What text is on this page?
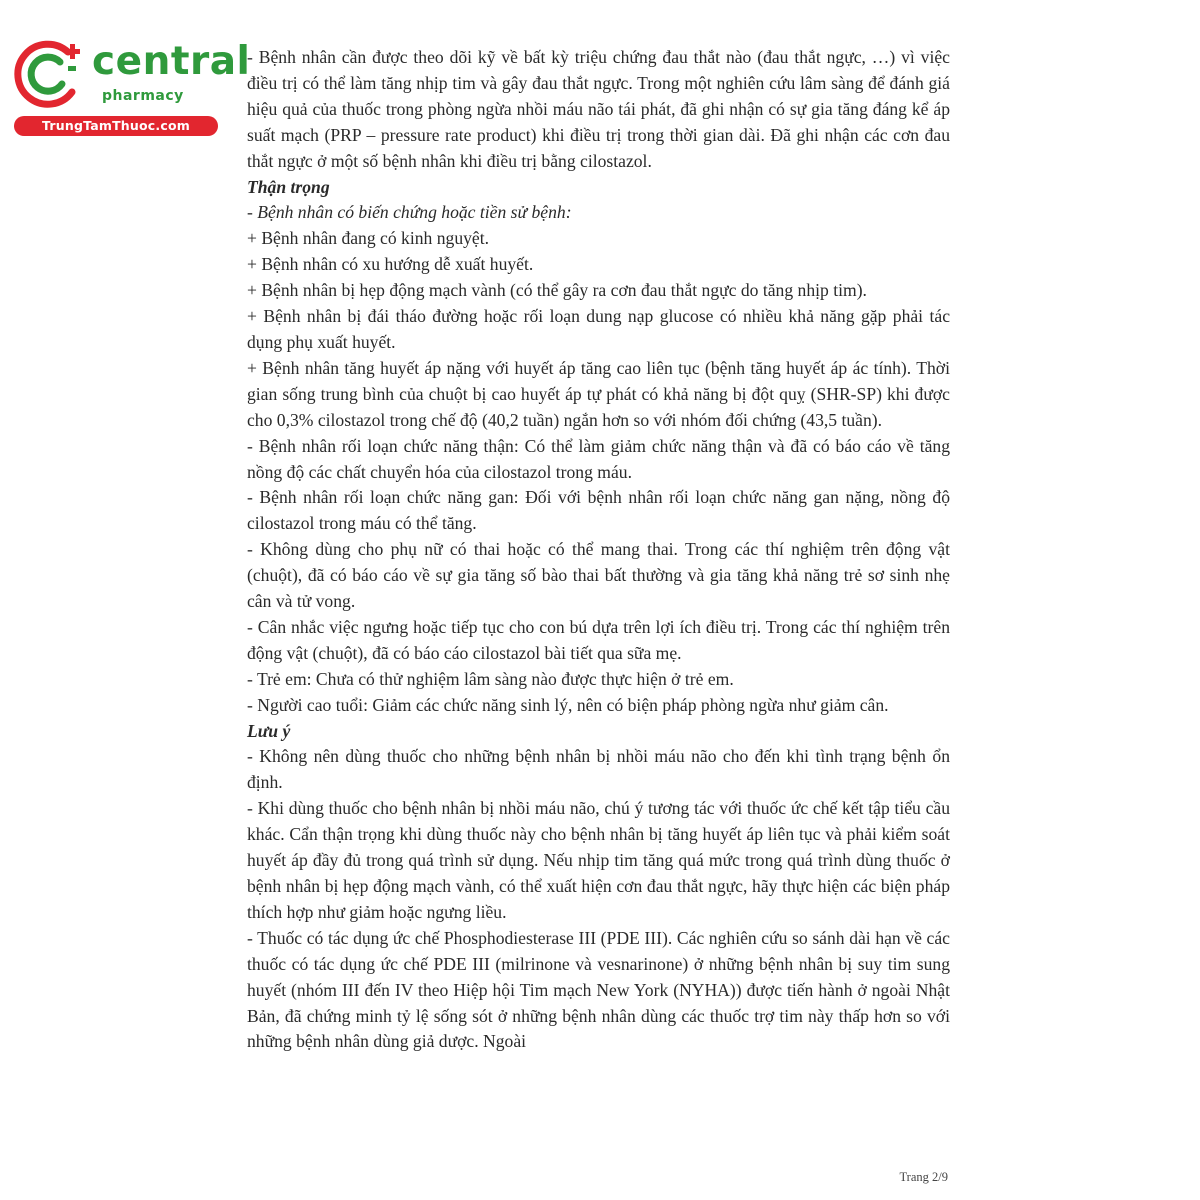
central
pharmacy
TrungTamThuoc.com

- Bệnh nhân cần được theo dõi kỹ về bất kỳ triệu chứng đau thắt nào (đau thắt ngực, …) vì việc điều trị có thể làm tăng nhịp tim và gây đau thắt ngực. Trong một nghiên cứu lâm sàng để đánh giá hiệu quả của thuốc trong phòng ngừa nhồi máu não tái phát, đã ghi nhận có sự gia tăng đáng kể áp suất mạch (PRP – pressure rate product) khi điều trị trong thời gian dài. Đã ghi nhận các cơn đau thắt ngực ở một số bệnh nhân khi điều trị bằng cilostazol.

Thận trọng

- Bệnh nhân có biến chứng hoặc tiền sử bệnh:

+ Bệnh nhân đang có kinh nguyệt.

+ Bệnh nhân có xu hướng dễ xuất huyết.

+ Bệnh nhân bị hẹp động mạch vành (có thể gây ra cơn đau thắt ngực do tăng nhịp tim).

+ Bệnh nhân bị đái tháo đường hoặc rối loạn dung nạp glucose có nhiều khả năng gặp phải tác dụng phụ xuất huyết.

+ Bệnh nhân tăng huyết áp nặng với huyết áp tăng cao liên tục (bệnh tăng huyết áp ác tính). Thời gian sống trung bình của chuột bị cao huyết áp tự phát có khả năng bị đột quỵ (SHR-SP) khi được cho 0,3% cilostazol trong chế độ (40,2 tuần) ngắn hơn so với nhóm đối chứng (43,5 tuần).

- Bệnh nhân rối loạn chức năng thận: Có thể làm giảm chức năng thận và đã có báo cáo về tăng nồng độ các chất chuyển hóa của cilostazol trong máu.

- Bệnh nhân rối loạn chức năng gan: Đối với bệnh nhân rối loạn chức năng gan nặng, nồng độ cilostazol trong máu có thể tăng.

- Không dùng cho phụ nữ có thai hoặc có thể mang thai. Trong các thí nghiệm trên động vật (chuột), đã có báo cáo về sự gia tăng số bào thai bất thường và gia tăng khả năng trẻ sơ sinh nhẹ cân và tử vong.

- Cân nhắc việc ngưng hoặc tiếp tục cho con bú dựa trên lợi ích điều trị. Trong các thí nghiệm trên động vật (chuột), đã có báo cáo cilostazol bài tiết qua sữa mẹ.

- Trẻ em: Chưa có thử nghiệm lâm sàng nào được thực hiện ở trẻ em.

- Người cao tuổi: Giảm các chức năng sinh lý, nên có biện pháp phòng ngừa như giảm cân.

Lưu ý

- Không nên dùng thuốc cho những bệnh nhân bị nhồi máu não cho đến khi tình trạng bệnh ổn định.

- Khi dùng thuốc cho bệnh nhân bị nhồi máu não, chú ý tương tác với thuốc ức chế kết tập tiểu cầu khác. Cẩn thận trọng khi dùng thuốc này cho bệnh nhân bị tăng huyết áp liên tục và phải kiểm soát huyết áp đầy đủ trong quá trình sử dụng. Nếu nhịp tim tăng quá mức trong quá trình dùng thuốc ở bệnh nhân bị hẹp động mạch vành, có thể xuất hiện cơn đau thắt ngực, hãy thực hiện các biện pháp thích hợp như giảm hoặc ngưng liều.

- Thuốc có tác dụng ức chế Phosphodiesterase III (PDE III). Các nghiên cứu so sánh dài hạn về các thuốc có tác dụng ức chế PDE III (milrinone và vesnarinone) ở những bệnh nhân bị suy tim sung huyết (nhóm III đến IV theo Hiệp hội Tim mạch New York (NYHA)) được tiến hành ở ngoài Nhật Bản, đã chứng minh tỷ lệ sống sót ở những bệnh nhân dùng các thuốc trợ tim này thấp hơn so với những bệnh nhân dùng giả dược. Ngoài

Trang 2/9
